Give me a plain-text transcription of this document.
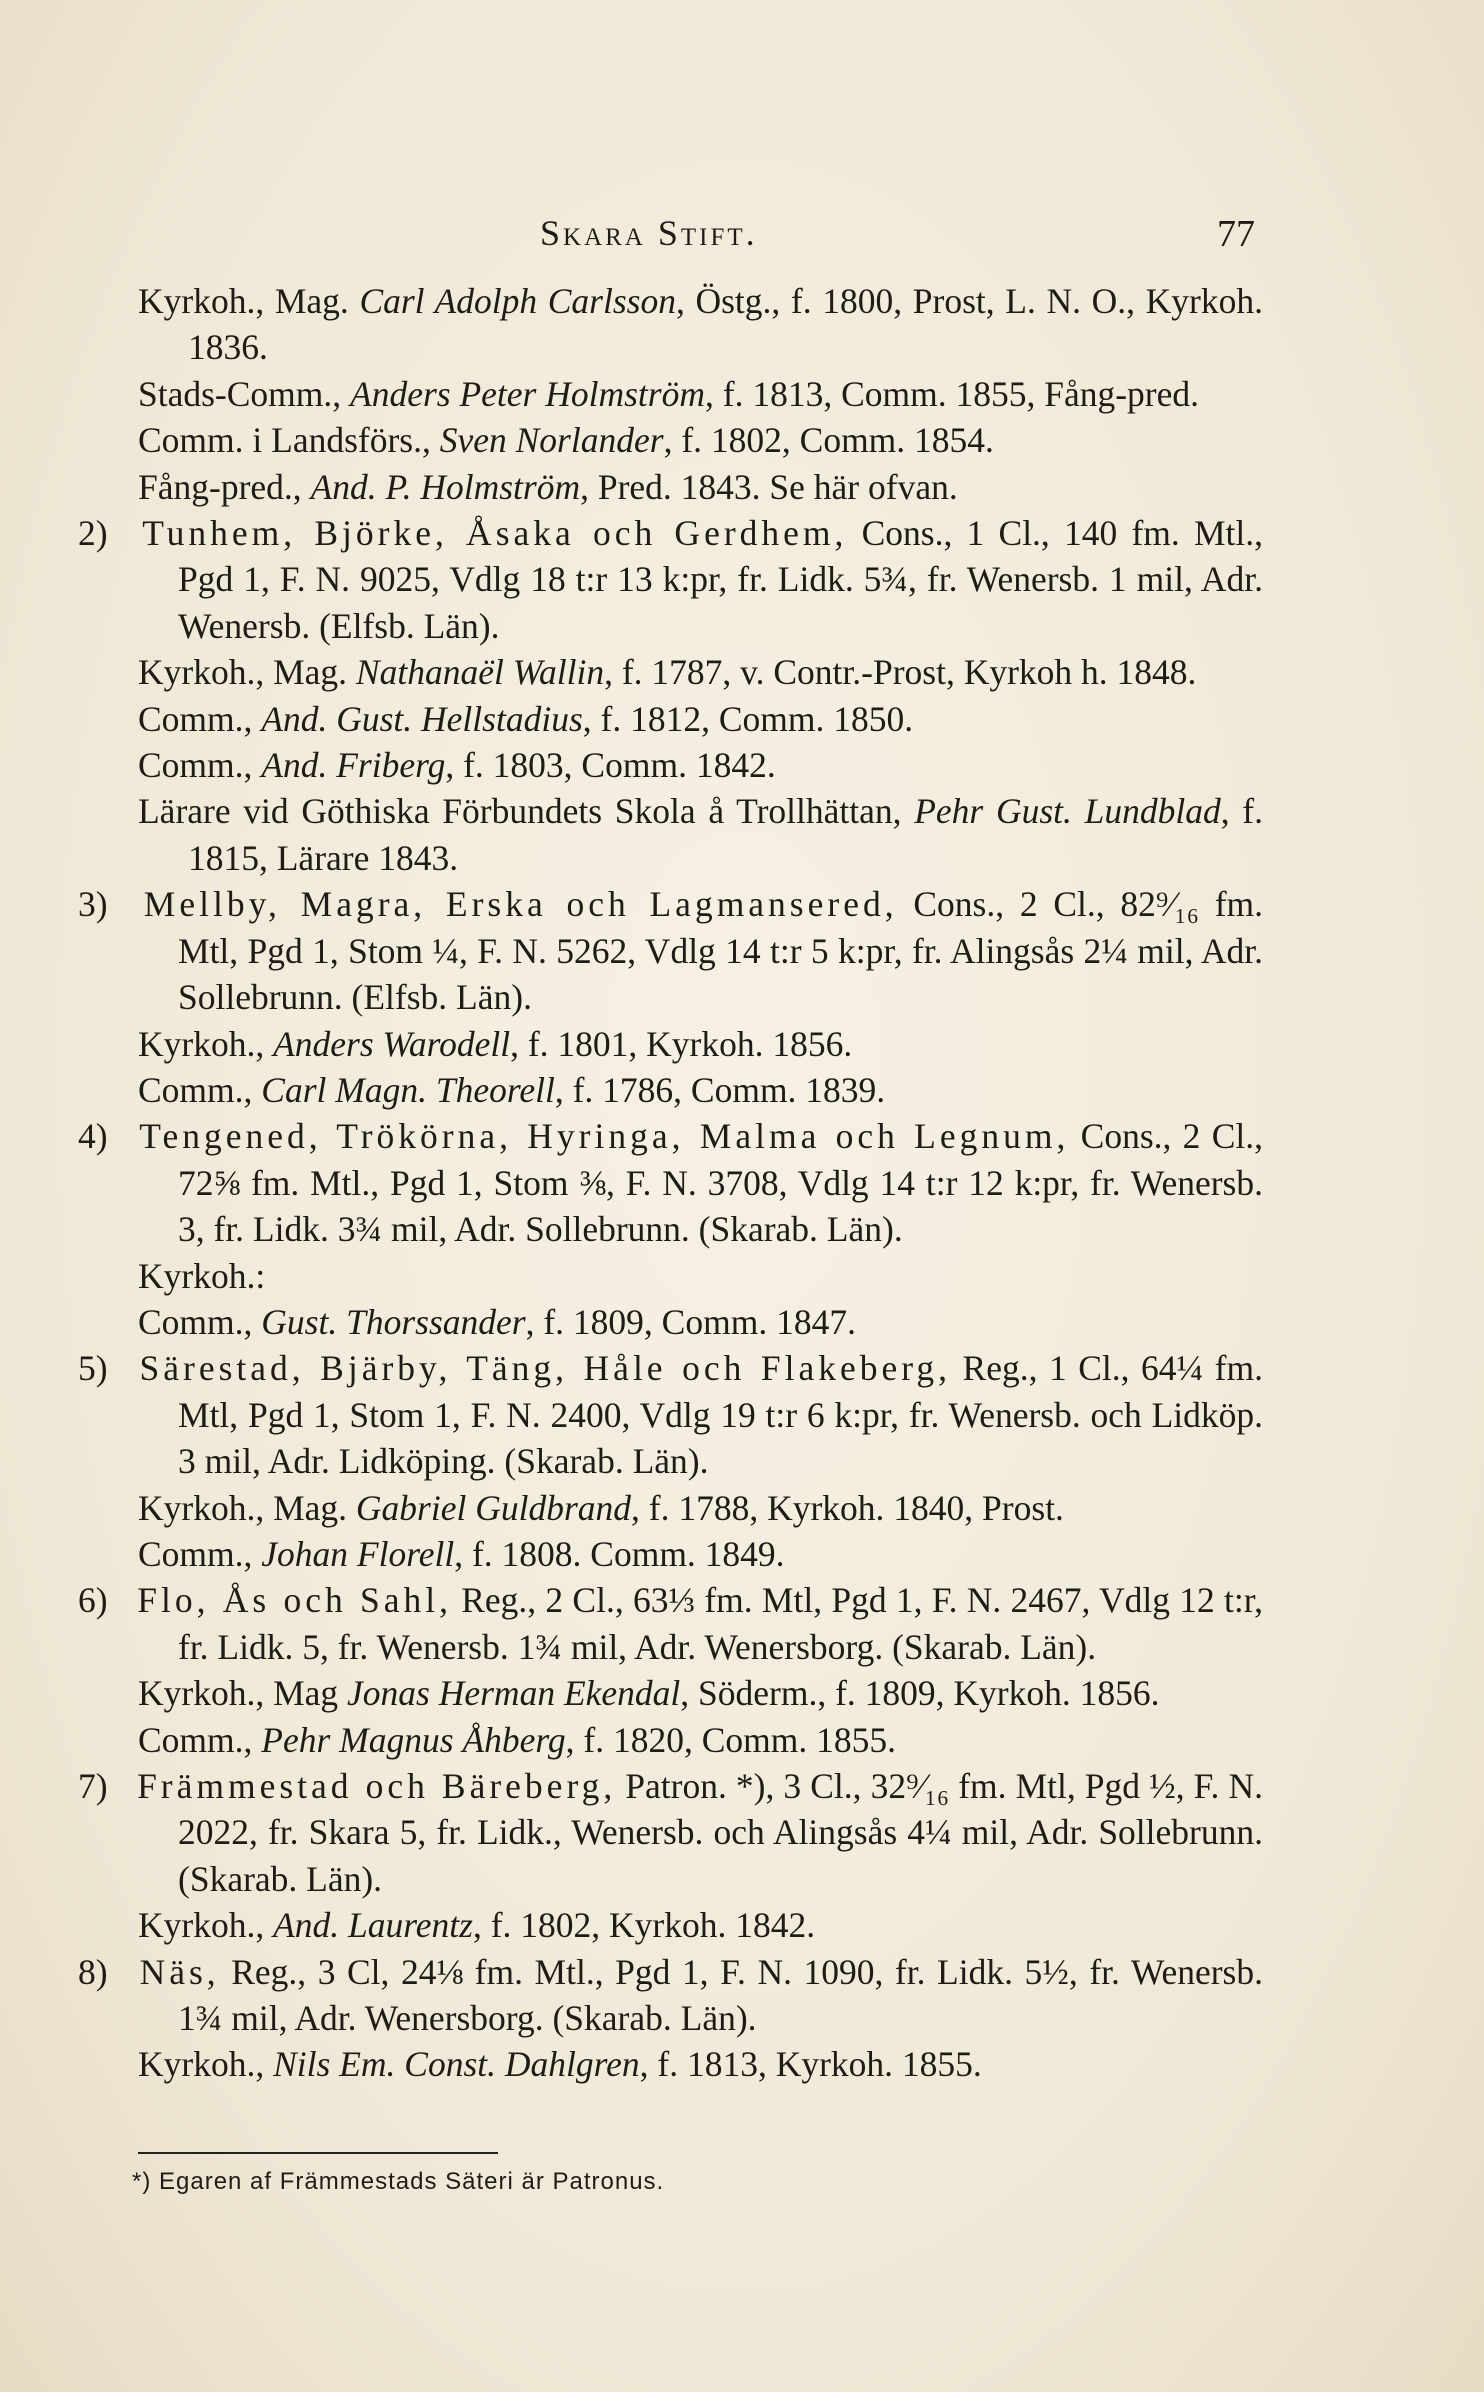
Skara Stift.	77

Kyrkoh., Mag. Carl Adolph Carlsson, Östg., f. 1800, Prost, L. N. O., Kyrkoh. 1836.

Stads-Comm., Anders Peter Holmström, f. 1813, Comm. 1855, Fång-pred.

Comm. i Landsförs., Sven Norlander, f. 1802, Comm. 1854.

Fång-pred., And. P. Holmström, Pred. 1843. Se här ofvan.

2) Tunhem, Björke, Åsaka och Gerdhem, Cons., 1 Cl., 140 fm. Mtl., Pgd 1, F. N. 9025, Vdlg 18 t:r 13 k:pr, fr. Lidk. 5¾, fr. Wenersb. 1 mil, Adr. Wenersb. (Elfsb. Län).

Kyrkoh., Mag. Nathanaël Wallin, f. 1787, v. Contr.-Prost, Kyrkoh h. 1848.

Comm., And. Gust. Hellstadius, f. 1812, Comm. 1850.

Comm., And. Friberg, f. 1803, Comm. 1842.

Lärare vid Göthiska Förbundets Skola å Trollhättan, Pehr Gust. Lundblad, f. 1815, Lärare 1843.

3) Mellby, Magra, Erska och Lagmansered, Cons., 2 Cl., 82⁹⁄₁₆ fm. Mtl, Pgd 1, Stom ¼, F. N. 5262, Vdlg 14 t:r 5 k:pr, fr. Alingsås 2¼ mil, Adr. Sollebrunn. (Elfsb. Län).

Kyrkoh., Anders Warodell, f. 1801, Kyrkoh. 1856.

Comm., Carl Magn. Theorell, f. 1786, Comm. 1839.

4) Tengened, Trökörna, Hyringa, Malma och Legnum, Cons., 2 Cl., 72⅝ fm. Mtl., Pgd 1, Stom ⅜, F. N. 3708, Vdlg 14 t:r 12 k:pr, fr. Wenersb. 3, fr. Lidk. 3¾ mil, Adr. Sollebrunn. (Skarab. Län).

Kyrkoh.:

Comm., Gust. Thorssander, f. 1809, Comm. 1847.

5) Särestad, Bjärby, Täng, Håle och Flakeberg, Reg., 1 Cl., 64¼ fm. Mtl, Pgd 1, Stom 1, F. N. 2400, Vdlg 19 t:r 6 k:pr, fr. Wenersb. och Lidköp. 3 mil, Adr. Lidköping. (Skarab. Län).

Kyrkoh., Mag. Gabriel Guldbrand, f. 1788, Kyrkoh. 1840, Prost.

Comm., Johan Florell, f. 1808. Comm. 1849.

6) Flo, Ås och Sahl, Reg., 2 Cl., 63⅓ fm. Mtl, Pgd 1, F. N. 2467, Vdlg 12 t:r, fr. Lidk. 5, fr. Wenersb. 1¾ mil, Adr. Wenersborg. (Skarab. Län).

Kyrkoh., Mag Jonas Herman Ekendal, Söderm., f. 1809, Kyrkoh. 1856.

Comm., Pehr Magnus Åhberg, f. 1820, Comm. 1855.

7) Främmestad och Bäreberg, Patron. *), 3 Cl., 32⁹⁄₁₆ fm. Mtl, Pgd ½, F. N. 2022, fr. Skara 5, fr. Lidk., Wenersb. och Alingsås 4¼ mil, Adr. Sollebrunn. (Skarab. Län).

Kyrkoh., And. Laurentz, f. 1802, Kyrkoh. 1842.

8) Näs, Reg., 3 Cl, 24⅛ fm. Mtl., Pgd 1, F. N. 1090, fr. Lidk. 5½, fr. Wenersb. 1¾ mil, Adr. Wenersborg. (Skarab. Län).

Kyrkoh., Nils Em. Const. Dahlgren, f. 1813, Kyrkoh. 1855.

*) Egaren af Främmestads Säteri är Patronus.
